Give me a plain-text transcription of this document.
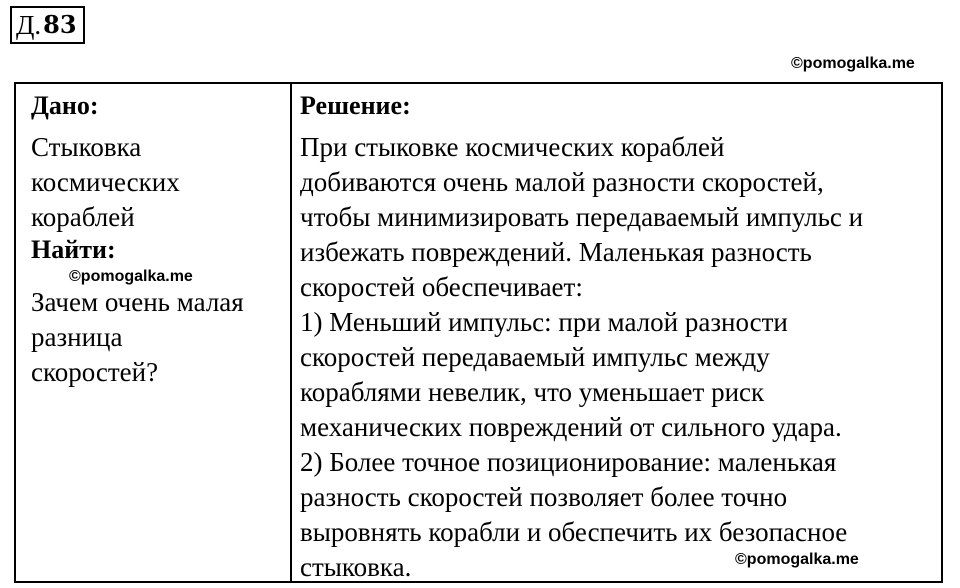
Д. 83
©pomogalka.me
Дано:
Стыковка
космических
кораблей
Найти:
Зачем очень малая
разница
скоростей?
Решение:
При стыковке космических кораблей
добиваются очень малой разности скоростей,
чтобы минимизировать передаваемый импульс и
избежать повреждений. Маленькая разность
скоростей обеспечивает:
1) Меньший импульс: при малой разности
скоростей передаваемый импульс между
кораблями невелик, что уменьшает риск
механических повреждений от сильного удара.
2) Более точное позиционирование: маленькая
разность скоростей позволяет более точно
выровнять корабли и обеспечить их безопасное
стыковка.
©pomogalka.me
©pomogalka.me
